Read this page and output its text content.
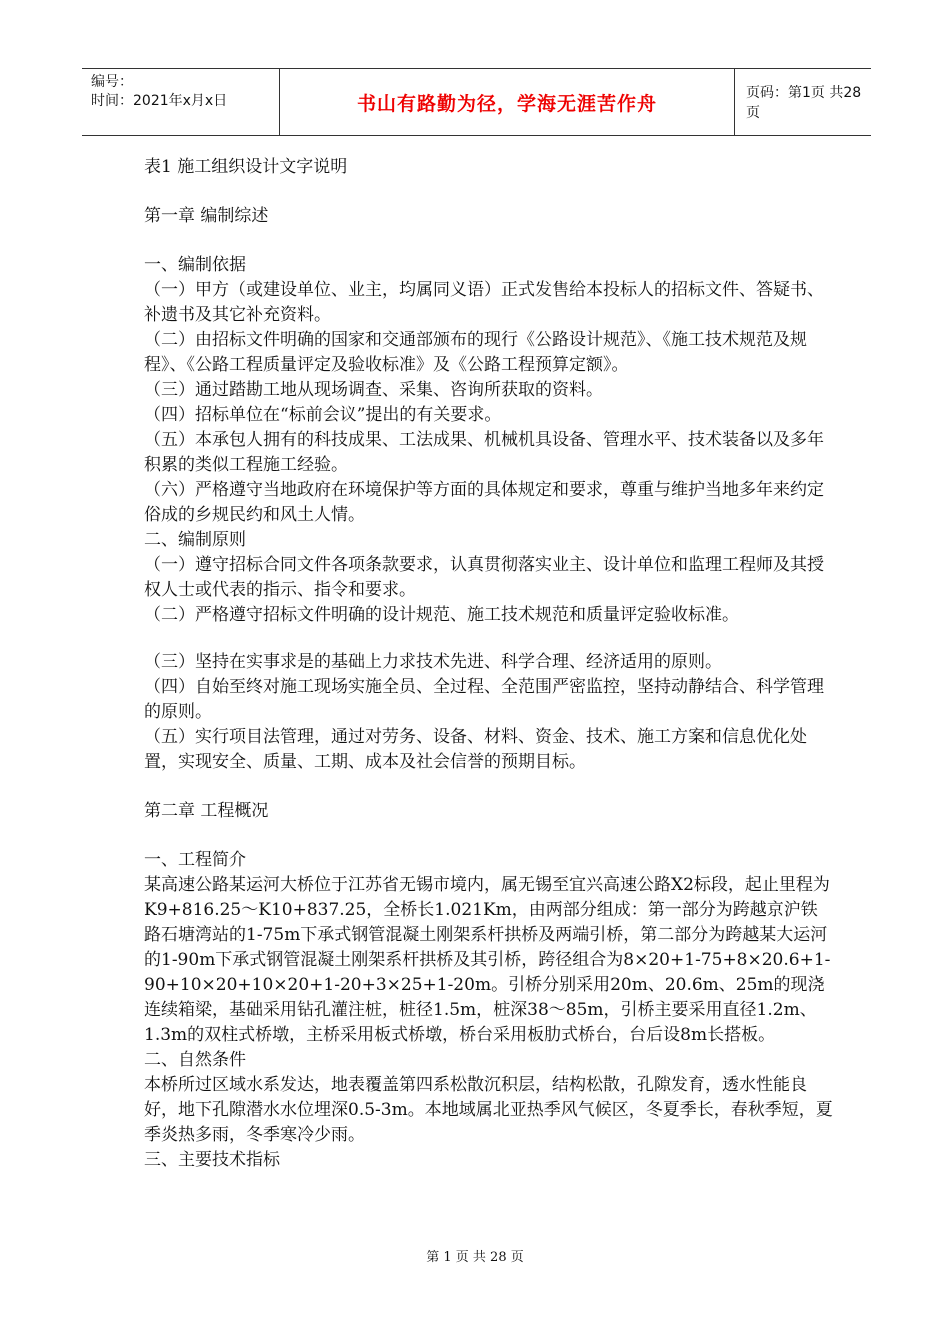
编号：
时间：2021年x月x日	书山有路勤为径，学海无涯苦作舟	页码：第1页 共28页

表1 施工组织设计文字说明

第一章 编制综述

一、编制依据

（一）甲方（或建设单位、业主，均属同义语）正式发售给本投标人的招标文件、答疑书、补遗书及其它补充资料。

（二）由招标文件明确的国家和交通部颁布的现行《公路设计规范》、《施工技术规范及规程》、《公路工程质量评定及验收标准》及《公路工程预算定额》。

（三）通过踏勘工地从现场调查、采集、咨询所获取的资料。

（四）招标单位在“标前会议”提出的有关要求。

（五）本承包人拥有的科技成果、工法成果、机械机具设备、管理水平、技术装备以及多年积累的类似工程施工经验。

（六）严格遵守当地政府在环境保护等方面的具体规定和要求，尊重与维护当地多年来约定俗成的乡规民约和风土人情。

二、编制原则

（一）遵守招标合同文件各项条款要求，认真贯彻落实业主、设计单位和监理工程师及其授权人士或代表的指示、指令和要求。

（二）严格遵守招标文件明确的设计规范、施工技术规范和质量评定验收标准。

（三）坚持在实事求是的基础上力求技术先进、科学合理、经济适用的原则。

（四）自始至终对施工现场实施全员、全过程、全范围严密监控，坚持动静结合、科学管理的原则。

（五）实行项目法管理，通过对劳务、设备、材料、资金、技术、施工方案和信息优化处置，实现安全、质量、工期、成本及社会信誉的预期目标。

第二章 工程概况

一、工程简介

某高速公路某运河大桥位于江苏省无锡市境内，属无锡至宜兴高速公路X2标段，起止里程为K9+816.25～K10+837.25，全桥长1.021Km，由两部分组成：第一部分为跨越京沪铁路石塘湾站的1-75m下承式钢管混凝土刚架系杆拱桥及两端引桥，第二部分为跨越某大运河的1-90m下承式钢管混凝土刚架系杆拱桥及其引桥，跨径组合为8×20+1-75+8×20.6+1-90+10×20+10×20+1-20+3×25+1-20m。引桥分别采用20m、20.6m、25m的现浇连续箱梁，基础采用钻孔灌注桩，桩径1.5m，桩深38～85m，引桥主要采用直径1.2m、1.3m的双柱式桥墩，主桥采用板式桥墩，桥台采用板肋式桥台，台后设8m长搭板。

二、自然条件

本桥所过区域水系发达，地表覆盖第四系松散沉积层，结构松散，孔隙发育，透水性能良好，地下孔隙潜水水位埋深0.5-3m。本地域属北亚热季风气候区，冬夏季长，春秋季短，夏季炎热多雨，冬季寒冷少雨。

三、主要技术指标

第 1 页 共 28 页
